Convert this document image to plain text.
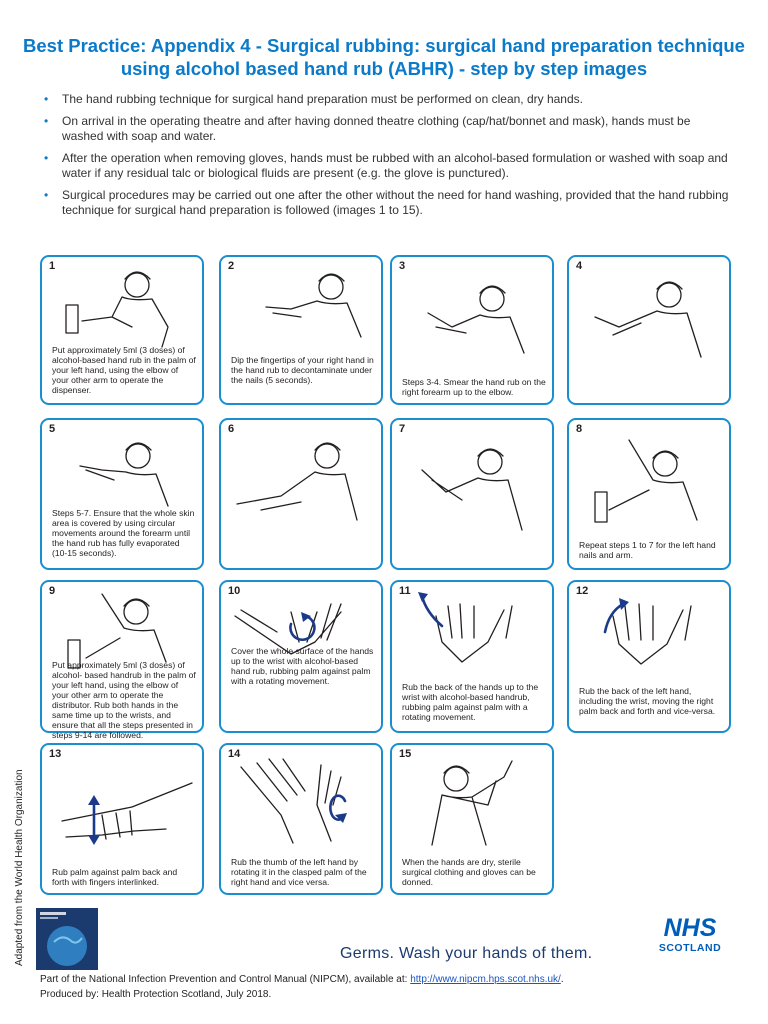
Best Practice: Appendix 4 - Surgical rubbing: surgical hand preparation technique using alcohol based hand rub (ABHR) - step by step images
• The hand rubbing technique for surgical hand preparation must be performed on clean, dry hands.
• On arrival in the operating theatre and after having donned theatre clothing (cap/hat/bonnet and mask), hands must be washed with soap and water.
• After the operation when removing gloves, hands must be rubbed with an alcohol-based formulation or washed with soap and water if any residual talc or biological fluids are present (e.g. the glove is punctured).
• Surgical procedures may be carried out one after the other without the need for hand washing, provided that the hand rubbing technique for surgical hand preparation is followed (images 1 to 15).
1
Put approximately 5ml (3 doses) of alcohol-based hand rub in the palm of your left hand, using the elbow of your other arm to operate the dispenser.
2
Dip the fingertips of your right hand in the hand rub to decontaminate under the nails (5 seconds).
3
Steps 3-4. Smear the hand rub on the right forearm up to the elbow.
4
5
Steps 5-7. Ensure that the whole skin area is covered by using circular movements around the forearm until the hand rub has fully evaporated (10-15 seconds).
6	7	8
Repeat steps 1 to 7 for the left hand nails and arm.
9
Put approximately 5ml (3 doses) of alcohol- based handrub in the palm of your left hand, using the elbow of your other arm to operate the distributor. Rub both hands in the same time up to the wrists, and ensure that all the steps presented in steps 9-14 are followed.
10
Cover the whole surface of the hands up to the wrist with alcohol-based hand rub, rubbing palm against palm with a rotating movement.
11
Rub the back of the hands up to the wrist with alcohol-based handrub, rubbing palm against palm with a rotating movement.
12
Rub the back of the left hand, including the wrist, moving the right palm back and forth and vice-versa.
13
Rub palm against palm back and forth with fingers interlinked.
14
Rub the thumb of the left hand by rotating it in the clasped palm of the right hand and vice versa.
15
When the hands are dry, sterile surgical clothing and gloves can be donned.
Adapted from the World Health Organization	Germs. Wash your hands of them.
NHS
SCOTLAND
Part of the National Infection Prevention and Control Manual (NIPCM), available at: http://www.nipcm.hps.scot.nhs.uk/.
Produced by: Health Protection Scotland, July 2018.
